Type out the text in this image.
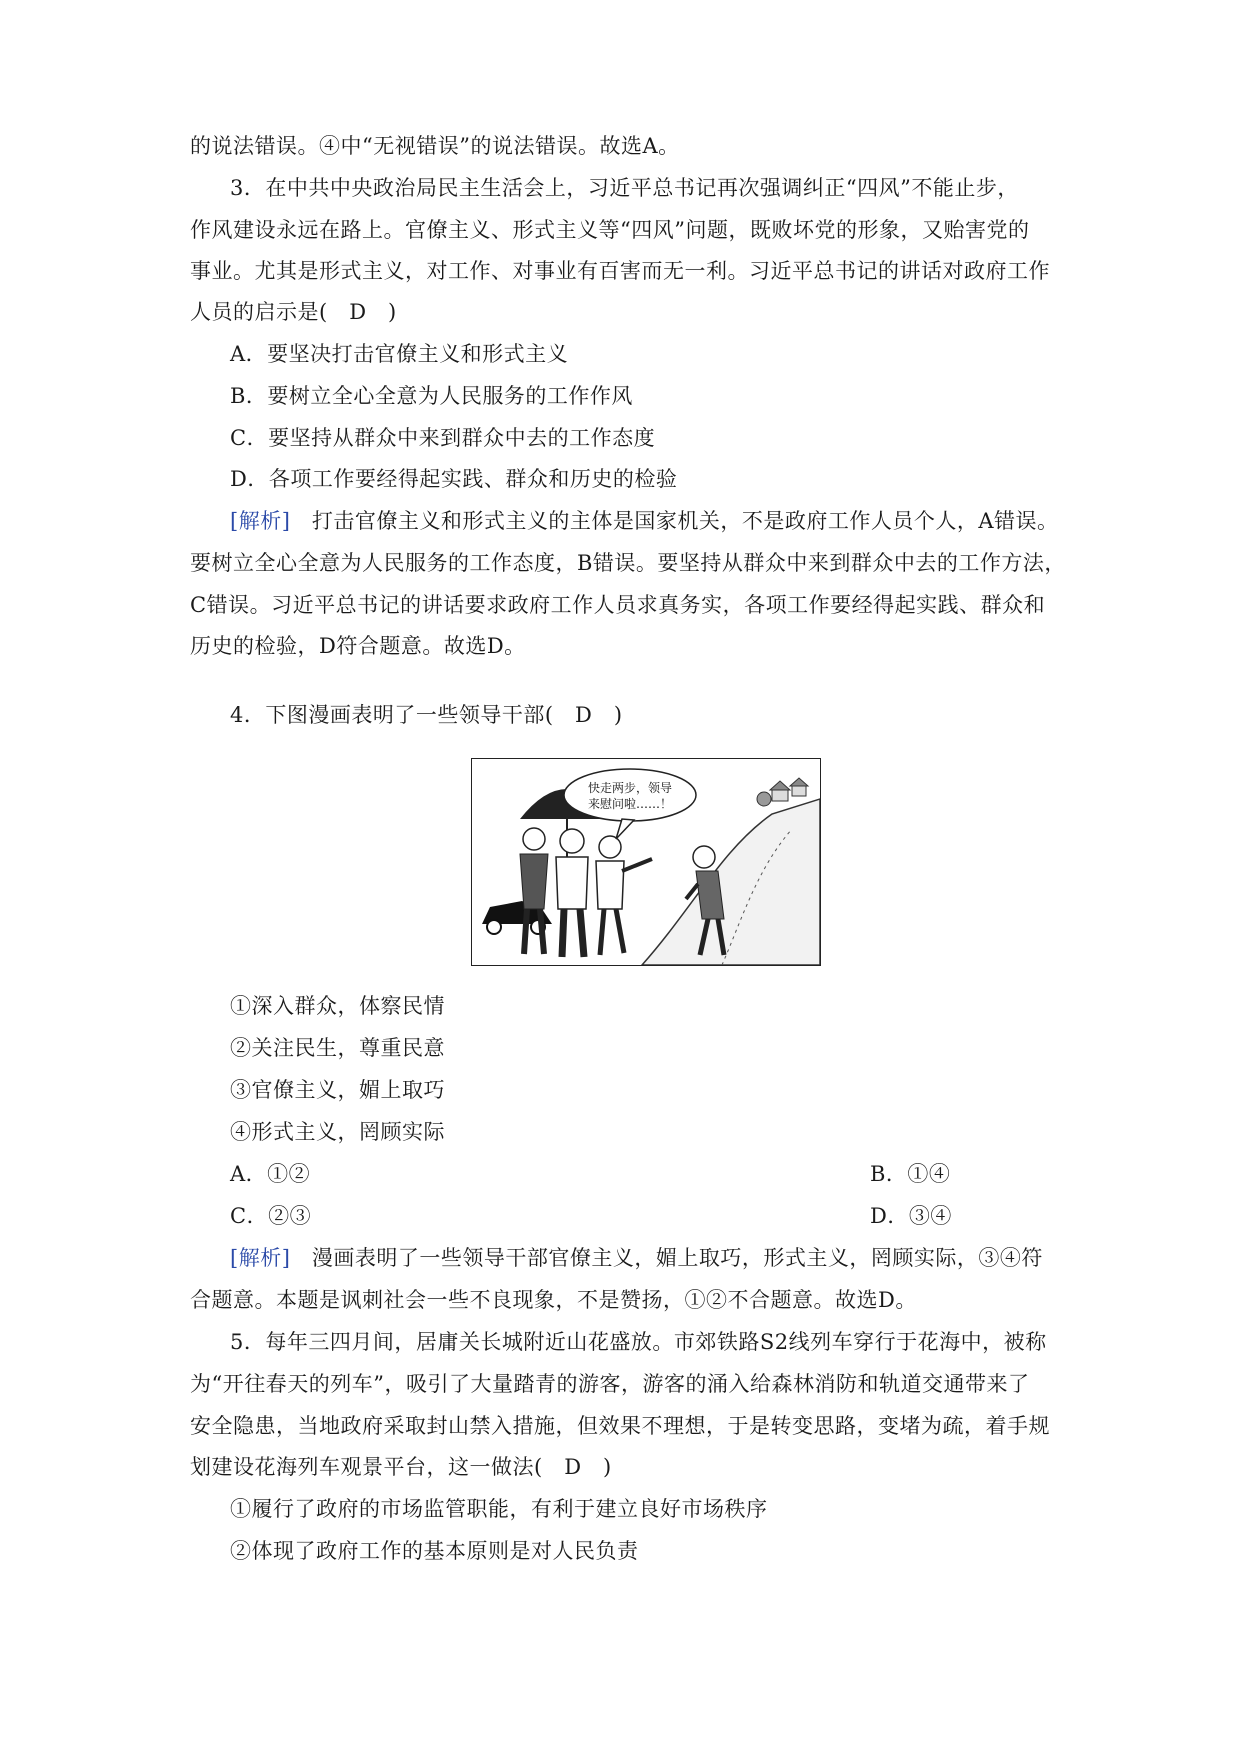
的说法错误。④中“无视错误”的说法错误。故选A。
3．在中共中央政治局民主生活会上，习近平总书记再次强调纠正“四风”不能止步，
作风建设永远在路上。官僚主义、形式主义等“四风”问题，既败坏党的形象，又贻害党的
事业。尤其是形式主义，对工作、对事业有百害而无一利。习近平总书记的讲话对政府工作
人员的启示是(　D　)
A．要坚决打击官僚主义和形式主义
B．要树立全心全意为人民服务的工作作风
C．要坚持从群众中来到群众中去的工作态度
D．各项工作要经得起实践、群众和历史的检验
[解析]　打击官僚主义和形式主义的主体是国家机关，不是政府工作人员个人，A错误。
要树立全心全意为人民服务的工作态度，B错误。要坚持从群众中来到群众中去的工作方法，
C错误。习近平总书记的讲话要求政府工作人员求真务实，各项工作要经得起实践、群众和
历史的检验，D符合题意。故选D。
4．下图漫画表明了一些领导干部(　D　)
快走两步，领导
来慰问啦……！
①深入群众，体察民情
②关注民生，尊重民意
③官僚主义，媚上取巧
④形式主义，罔顾实际
A．①②	B．①④
C．②③	D．③④
[解析]　漫画表明了一些领导干部官僚主义，媚上取巧，形式主义，罔顾实际，③④符
合题意。本题是讽刺社会一些不良现象，不是赞扬，①②不合题意。故选D。
5．每年三四月间，居庸关长城附近山花盛放。市郊铁路S2线列车穿行于花海中，被称
为“开往春天的列车”，吸引了大量踏青的游客，游客的涌入给森林消防和轨道交通带来了
安全隐患，当地政府采取封山禁入措施，但效果不理想，于是转变思路，变堵为疏，着手规
划建设花海列车观景平台，这一做法(　D　)
①履行了政府的市场监管职能，有利于建立良好市场秩序
②体现了政府工作的基本原则是对人民负责
